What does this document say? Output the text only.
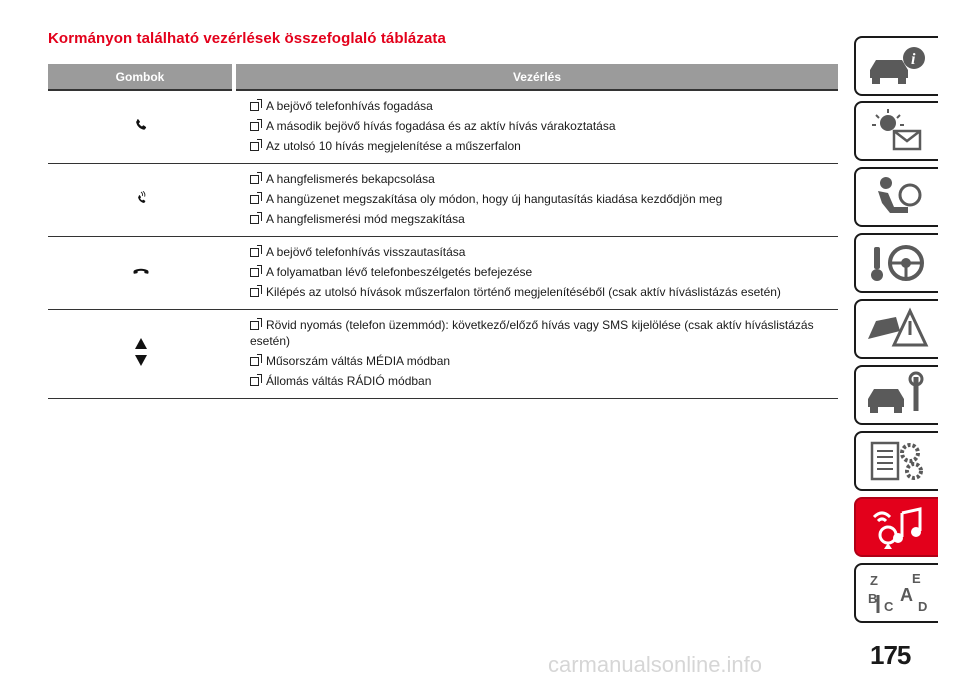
Kormányon található vezérlések összefoglaló táblázata
Gombok	Vezérlés

A bejövő telefonhívás fogadása
A második bejövő hívás fogadása és az aktív hívás várakoztatása
Az utolsó 10 hívás megjelenítése a műszerfalon

A hangfelismerés bekapcsolása
A hangüzenet megszakítása oly módon, hogy új hangutasítás kiadása kezdődjön meg
A hangfelismerési mód megszakítása

A bejövő telefonhívás visszautasítása
A folyamatban lévő telefonbeszélgetés befejezése
Kilépés az utolsó hívások műszerfalon történő megjelenítéséből (csak aktív híváslistázás esetén)

Rövid nyomás (telefon üzemmód): következő/előző hívás vagy SMS kijelölése (csak aktív híváslistázás esetén)
Műsorszám váltás MÉDIA módban
Állomás váltás RÁDIÓ módban
i
Z	E
B A
C D
175
carmanualsonline.info
